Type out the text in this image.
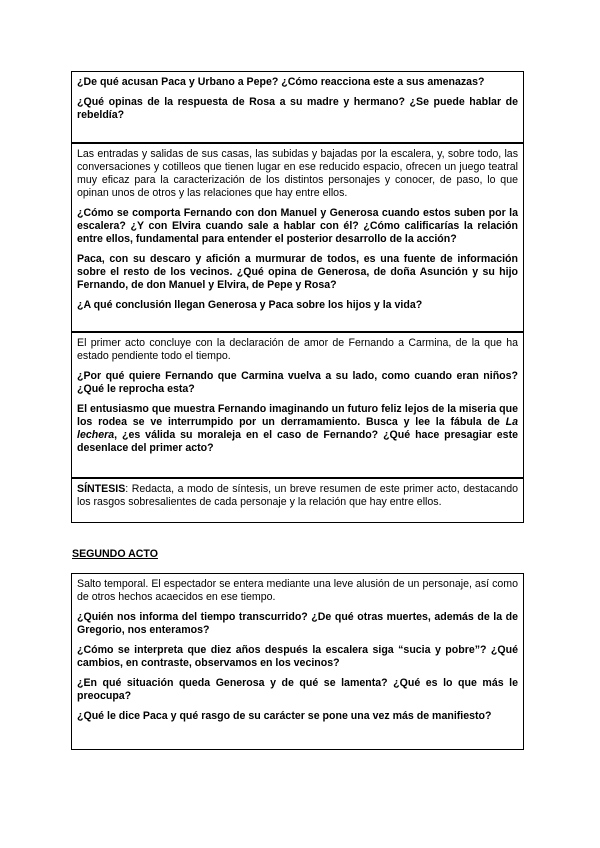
¿De qué acusan Paca y Urbano a Pepe? ¿Cómo reacciona este a sus amenazas?

¿Qué opinas de la respuesta de Rosa a su madre y hermano? ¿Se puede hablar de rebeldía?

Las entradas y salidas de sus casas, las subidas y bajadas por la escalera, y, sobre todo, las conversaciones y cotilleos que tienen lugar en ese reducido espacio, ofrecen un juego teatral muy eficaz para la caracterización de los distintos personajes y conocer, de paso, lo que opinan unos de otros y las relaciones que hay entre ellos.

¿Cómo se comporta Fernando con don Manuel y Generosa cuando estos suben por la escalera? ¿Y con Elvira cuando sale a hablar con él? ¿Cómo calificarías la relación entre ellos, fundamental para entender el posterior desarrollo de la acción?

Paca, con su descaro y afición a murmurar de todos, es una fuente de información sobre el resto de los vecinos. ¿Qué opina de Generosa, de doña Asunción y su hijo Fernando, de don Manuel y Elvira, de Pepe y Rosa?

¿A qué conclusión llegan Generosa y Paca sobre los hijos y la vida?

El primer acto concluye con la declaración de amor de Fernando a Carmina, de la que ha estado pendiente todo el tiempo.

¿Por qué quiere Fernando que Carmina vuelva a su lado, como cuando eran niños? ¿Qué le reprocha esta?

El entusiasmo que muestra Fernando imaginando un futuro feliz lejos de la miseria que los rodea se ve interrumpido por un derramamiento. Busca y lee la fábula de La lechera, ¿es válida su moraleja en el caso de Fernando? ¿Qué hace presagiar este desenlace del primer acto?

SÍNTESIS: Redacta, a modo de síntesis, un breve resumen de este primer acto, destacando los rasgos sobresalientes de cada personaje y la relación que hay entre ellos.

SEGUNDO ACTO

Salto temporal. El espectador se entera mediante una leve alusión de un personaje, así como de otros hechos acaecidos en ese tiempo.

¿Quién nos informa del tiempo transcurrido? ¿De qué otras muertes, además de la de Gregorio, nos enteramos?

¿Cómo se interpreta que diez años después la escalera siga “sucia y pobre”? ¿Qué cambios, en contraste, observamos en los vecinos?

¿En qué situación queda Generosa y de qué se lamenta? ¿Qué es lo que más le preocupa?

¿Qué le dice Paca y qué rasgo de su carácter se pone una vez más de manifiesto?
